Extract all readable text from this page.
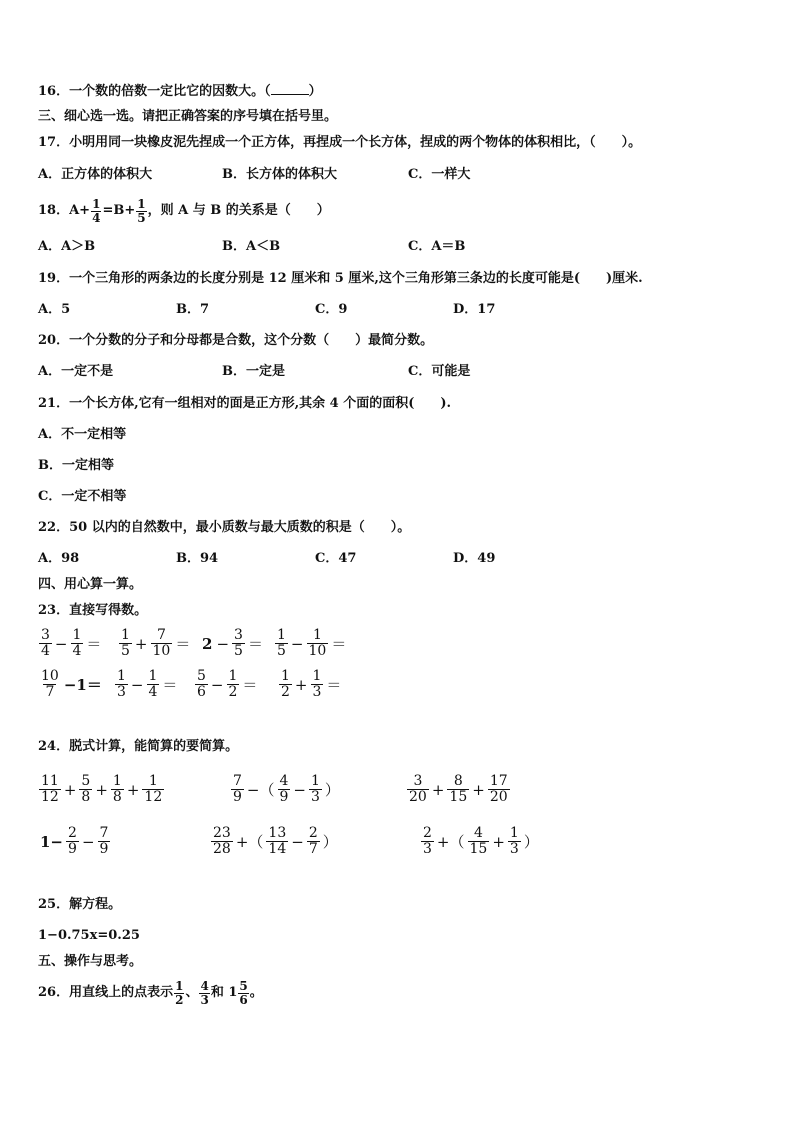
16．一个数的倍数一定比它的因数大。（	）
三、细心选一选。请把正确答案的序号填在括号里。
17．小明用同一块橡皮泥先捏成一个正方体，再捏成一个长方体，捏成的两个物体的体积相比，（　　）。
A．正方体的体积大	B．长方体的体积大	C．一样大
18．$A+ \frac{1}{4} =B+ \frac{1}{5}$ ，则 A 与 B 的关系是（　　）
A．A＞B	B．A＜B	C．A＝B
19．一个三角形的两条边的长度分别是 12 厘米和 5 厘米,这个三角形第三条边的长度可能是(　　)厘米.
A．5	B．7	C．9	D．17
20．一个分数的分子和分母都是合数，这个分数（　　）最简分数。
A．一定不是	B．一定是	C．可能是
21．一个长方体,它有一组相对的面是正方形,其余 4 个面的面积(　　).
A．不一定相等
B．一定相等
C．一定不相等
22．50 以内的自然数中，最小质数与最大质数的积是（　　）。
A．98	B．94	C．47	D．49
四、用心算一算。
23．直接写得数。
$\frac{3}{4} - \frac{1}{4} = \frac{1}{5} + \frac{7}{10} = 2 - \frac{3}{5} = \frac{1}{5} - \frac{1}{10}$ ＝
$\frac{10}{7} -1= \frac{1}{3} - \frac{1}{4} = \frac{5}{6} - \frac{1}{2} = \frac{1}{2} + \frac{1}{3}$ ＝
24．脱式计算，能简算的要简算。
$\frac{11}{12} + \frac{5}{8} + \frac{1}{8} + \frac{1}{12}$	$\frac{7}{9}$ −（ $\frac{4}{9} - \frac{1}{3}$ ）	$\frac{3}{20} + \frac{8}{15} + \frac{17}{20}$
$1- \frac{2}{9} - \frac{7}{9}$	$\frac{23}{28}$ +（ $\frac{13}{14} - \frac{2}{7}$ ）	$\frac{2}{3}$ +（ $\frac{4}{15} + \frac{1}{3}$ ）
25．解方程。
1−0.75x=0.25
五、操作与思考。
26．用直线上的点表示 $\frac{1}{2}$ 、 $\frac{4}{3}$ 和 $1 \frac{5}{6}$ 。
